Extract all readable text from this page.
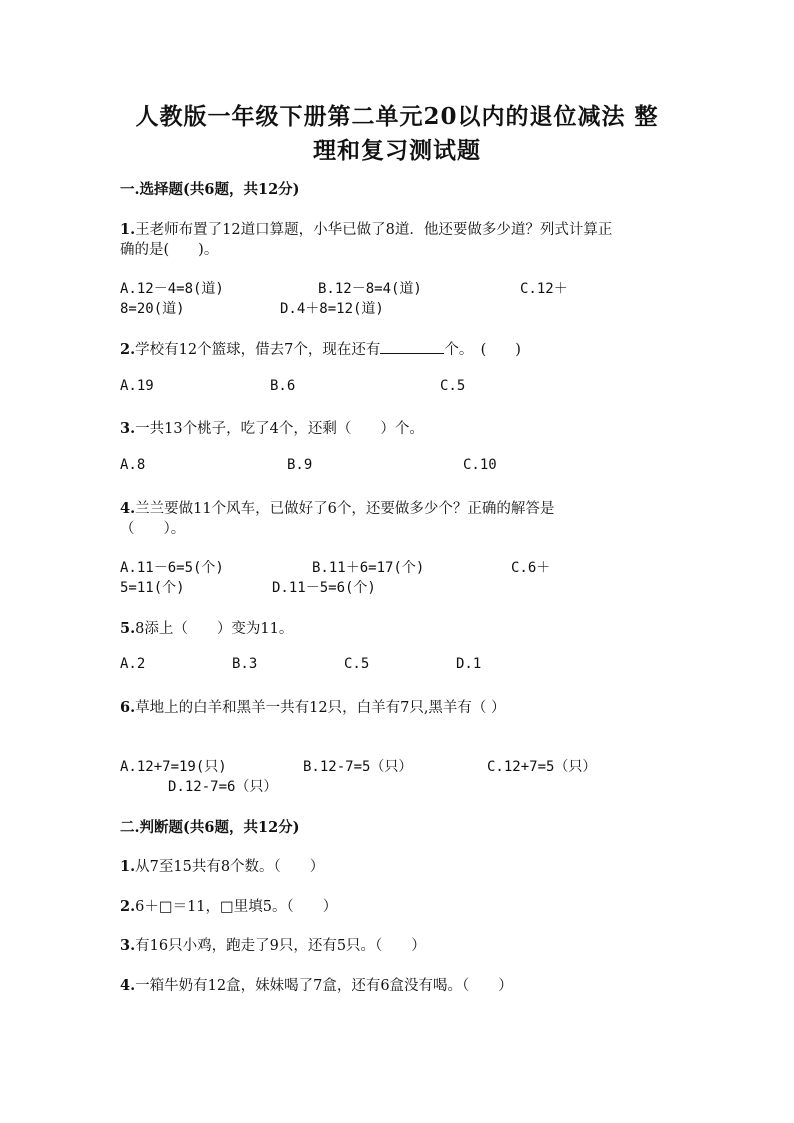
人教版一年级下册第二单元20以内的退位减法 整
理和复习测试题
一.选择题(共6题，共12分)
1.王老师布置了12道口算题，小华已做了8道．他还要做多少道？列式计算正
确的是(　　)。
A.12－4=8(道)	B.12－8=4(道)	C.12＋
8=20(道)	D.4＋8=12(道)
2.学校有12个篮球，借去7个，现在还有	个。　(　　)
A.19	B.6	C.5
3.一共13个桃子，吃了4个，还剩（　　）个。
A.8	B.9	C.10
4.兰兰要做11个风车，已做好了6个，还要做多少个？正确的解答是
（　　）。
A.11－6=5(个)	B.11＋6=17(个)	C.6＋
5=11(个)	D.11－5=6(个)
5.8添上（　　）变为11。
A.2	B.3	C.5	D.1
6.草地上的白羊和黑羊一共有12只，白羊有7只,黑羊有（ ）
A.12+7=19(只)	B.12-7=5（只）	C.12+7=5（只）
D.12-7=6（只）
二.判断题(共6题，共12分)
1.从7至15共有8个数。（　　）
2.6＋□＝11，□里填5。（　　）
3.有16只小鸡，跑走了9只，还有5只。（　　）
4.一箱牛奶有12盒，妹妹喝了7盒，还有6盒没有喝。（　　）
